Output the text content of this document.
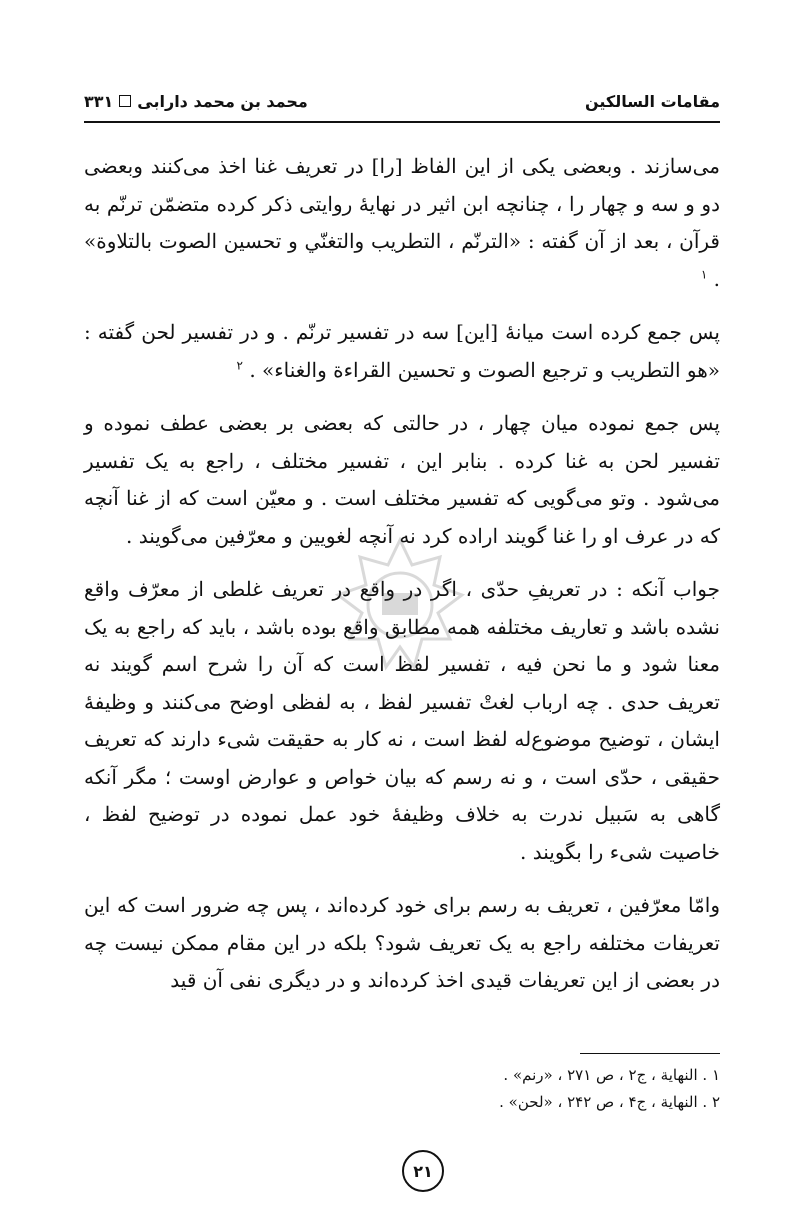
محمد بن محمد دارابی
۳۳۱	مقامات السالکین

می‌سازند . وبعضی یکی از این الفاظ [را] در تعریف غنا اخذ می‌کنند وبعضی دو و سه و چهار را ، چنانچه ابن اثیر در نهایهٔ روایتی ذکر کرده متضمّن ترنّم به قرآن ، بعد از آن گفته : «الترنّم ، التطریب والتغنّي و تحسین الصوت بالتلاوة» . $^۱$

پس جمع کرده است میانهٔ [این] سه در تفسیر ترنّم . و در تفسیر لحن گفته : «هو التطریب و ترجیع الصوت و تحسین القراءة والغناء» . $^۲$

پس جمع نموده میان چهار ، در حالتی که بعضی بر بعضی عطف نموده و تفسیر لحن به غنا کرده . بنابر این ، تفسیر مختلف ، راجع به یک تفسیر می‌شود . وتو می‌گویی که تفسیر مختلف است . و معیّن است که از غنا آنچه که در عرف او را غنا گویند اراده کرد نه آنچه لغویین و معرّفین می‌گویند .

جواب آنکه : در تعریفِ حدّی ، اگر در واقع در تعریف غلطی از معرّف واقع نشده باشد و تعاریف مختلفه همه مطابق واقع بوده باشد ، باید که راجع به یک معنا شود و ما نحن فیه ، تفسیر لفظ است که آن را شرح اسم گویند نه تعریف حدی . چه ارباب لغتْ تفسیر لفظ ، به لفظی اوضح می‌کنند و وظیفهٔ ایشان ، توضیح موضوع‌له لفظ است ، نه کار به حقیقت شیء دارند که تعریف حقیقی ، حدّی است ، و نه رسم که بیان خواص و عوارض اوست ؛ مگر آنکه گاهی به سَبیل ندرت به خلاف وظیفهٔ خود عمل نموده در توضیح لفظ ، خاصیت شیء را بگویند .

وامّا معرّفین ، تعریف به رسم برای خود کرده‌اند ، پس چه ضرور است که این تعریفات مختلفه راجع به یک تعریف شود؟ بلکه در این مقام ممکن نیست چه در بعضی از این تعریفات قیدی اخذ کرده‌اند و در دیگری نفی آن قید

۱ . النهایة ، ج۲ ، ص ۲۷۱ ، «رنم» .
۲ . النهایة ، ج۴ ، ص ۲۴۲ ، «لحن» .
۲۱
